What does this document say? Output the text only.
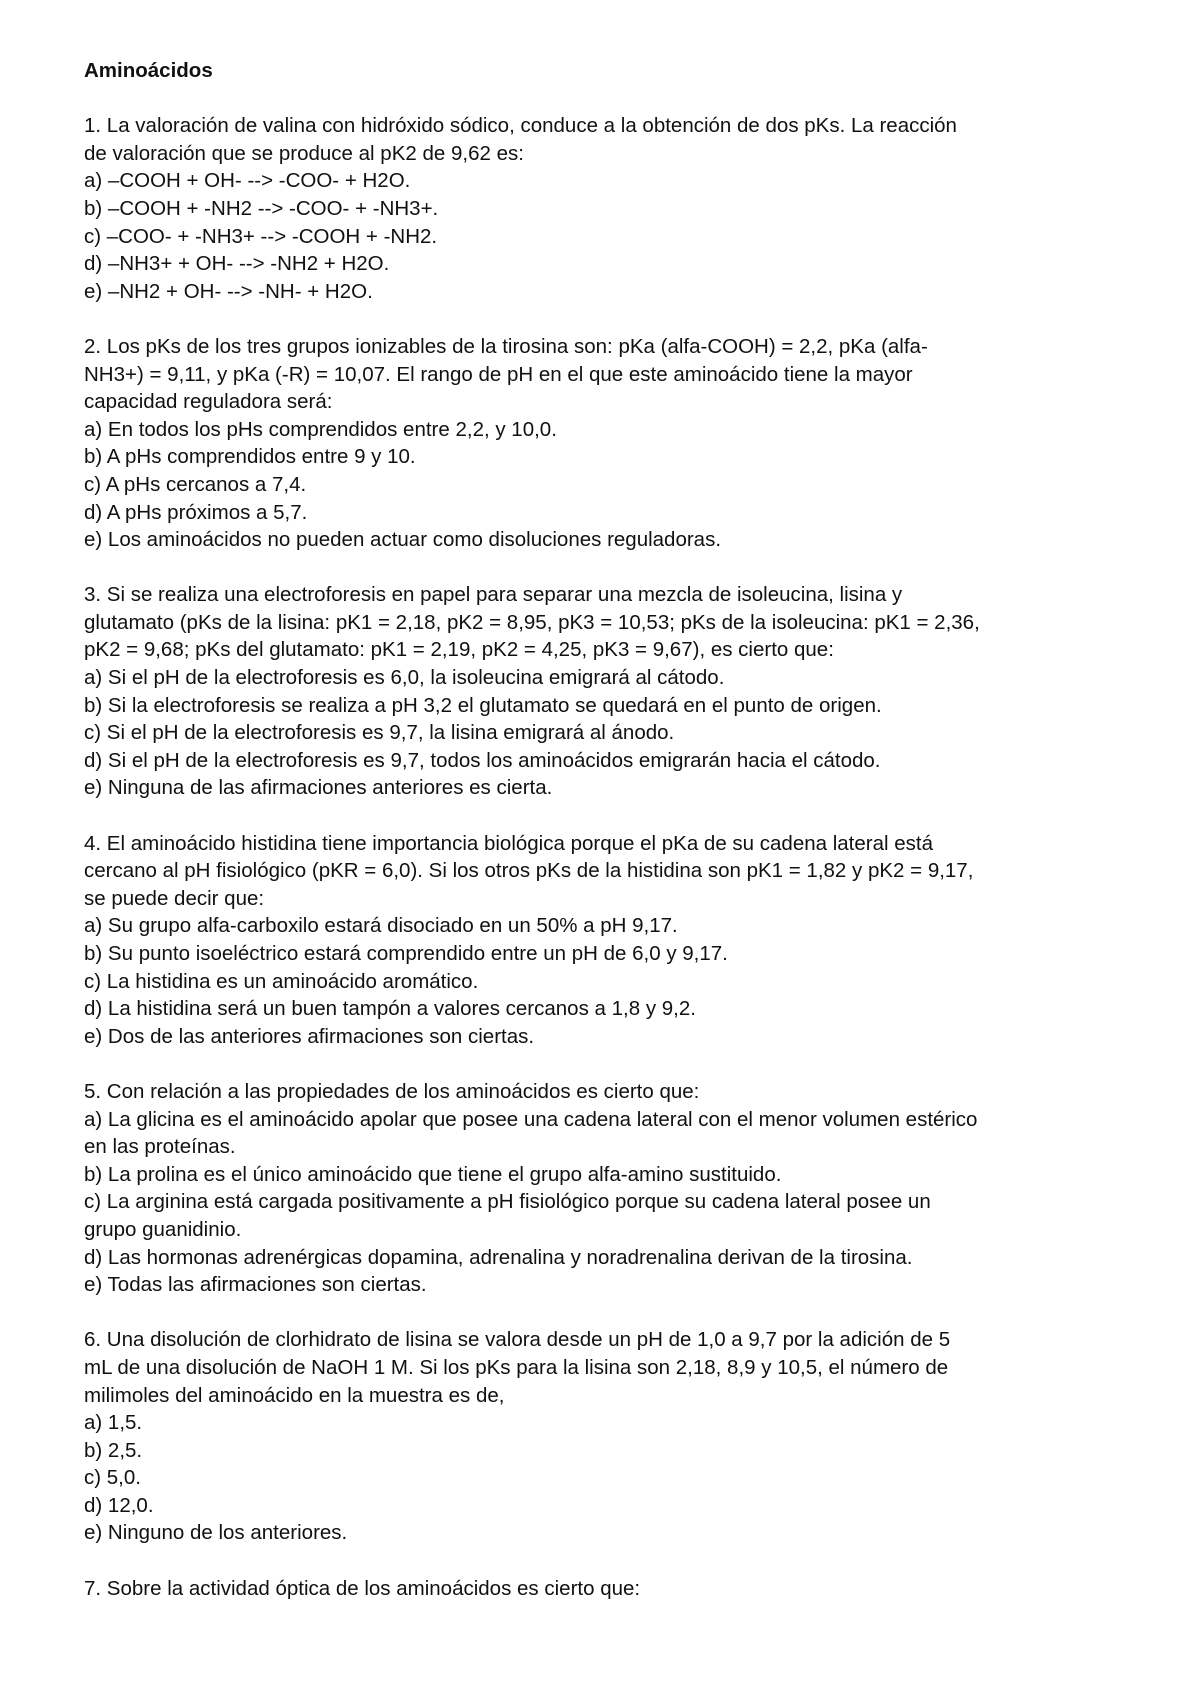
Aminoácidos

1. La valoración de valina con hidróxido sódico, conduce a la obtención de dos pKs. La reacción

de valoración que se produce al pK2 de 9,62 es:

a) –COOH + OH- --> -COO- + H2O.

b) –COOH + -NH2 --> -COO- + -NH3+.

c) –COO- + -NH3+ --> -COOH + -NH2.

d) –NH3+ + OH- --> -NH2 + H2O.

e) –NH2 + OH- --> -NH- + H2O.

2. Los pKs de los tres grupos ionizables de la tirosina son: pKa (alfa-COOH) = 2,2, pKa (alfa-

NH3+) = 9,11, y pKa (-R) = 10,07. El rango de pH en el que este aminoácido tiene la mayor

capacidad reguladora será:

a) En todos los pHs comprendidos entre 2,2, y 10,0.

b) A pHs comprendidos entre 9 y 10.

c) A pHs cercanos a 7,4.

d) A pHs próximos a 5,7.

e) Los aminoácidos no pueden actuar como disoluciones reguladoras.

3. Si se realiza una electroforesis en papel para separar una mezcla de isoleucina, lisina y

glutamato (pKs de la lisina: pK1 = 2,18, pK2 = 8,95, pK3 = 10,53; pKs de la isoleucina: pK1 = 2,36,

pK2 = 9,68; pKs del glutamato: pK1 = 2,19, pK2 = 4,25, pK3 = 9,67), es cierto que:

a) Si el pH de la electroforesis es 6,0, la isoleucina emigrará al cátodo.

b) Si la electroforesis se realiza a pH 3,2 el glutamato se quedará en el punto de origen.

c) Si el pH de la electroforesis es 9,7, la lisina emigrará al ánodo.

d) Si el pH de la electroforesis es 9,7, todos los aminoácidos emigrarán hacia el cátodo.

e) Ninguna de las afirmaciones anteriores es cierta.

4. El aminoácido histidina tiene importancia biológica porque el pKa de su cadena lateral está

cercano al pH fisiológico (pKR = 6,0). Si los otros pKs de la histidina son pK1 = 1,82 y pK2 = 9,17,

se puede decir que:

a) Su grupo alfa-carboxilo estará disociado en un 50% a pH 9,17.

b) Su punto isoeléctrico estará comprendido entre un pH de 6,0 y 9,17.

c) La histidina es un aminoácido aromático.

d) La histidina será un buen tampón a valores cercanos a 1,8 y 9,2.

e) Dos de las anteriores afirmaciones son ciertas.

5. Con relación a las propiedades de los aminoácidos es cierto que:

a) La glicina es el aminoácido apolar que posee una cadena lateral con el menor volumen estérico

en las proteínas.

b) La prolina es el único aminoácido que tiene el grupo alfa-amino sustituido.

c) La arginina está cargada positivamente a pH fisiológico porque su cadena lateral posee un

grupo guanidinio.

d) Las hormonas adrenérgicas dopamina, adrenalina y noradrenalina derivan de la tirosina.

e) Todas las afirmaciones son ciertas.

6. Una disolución de clorhidrato de lisina se valora desde un pH de 1,0 a 9,7 por la adición de 5

mL de una disolución de NaOH 1 M. Si los pKs para la lisina son 2,18, 8,9 y 10,5, el número de

milimoles del aminoácido en la muestra es de,

a) 1,5.

b) 2,5.

c) 5,0.

d) 12,0.

e) Ninguno de los anteriores.

7. Sobre la actividad óptica de los aminoácidos es cierto que:
